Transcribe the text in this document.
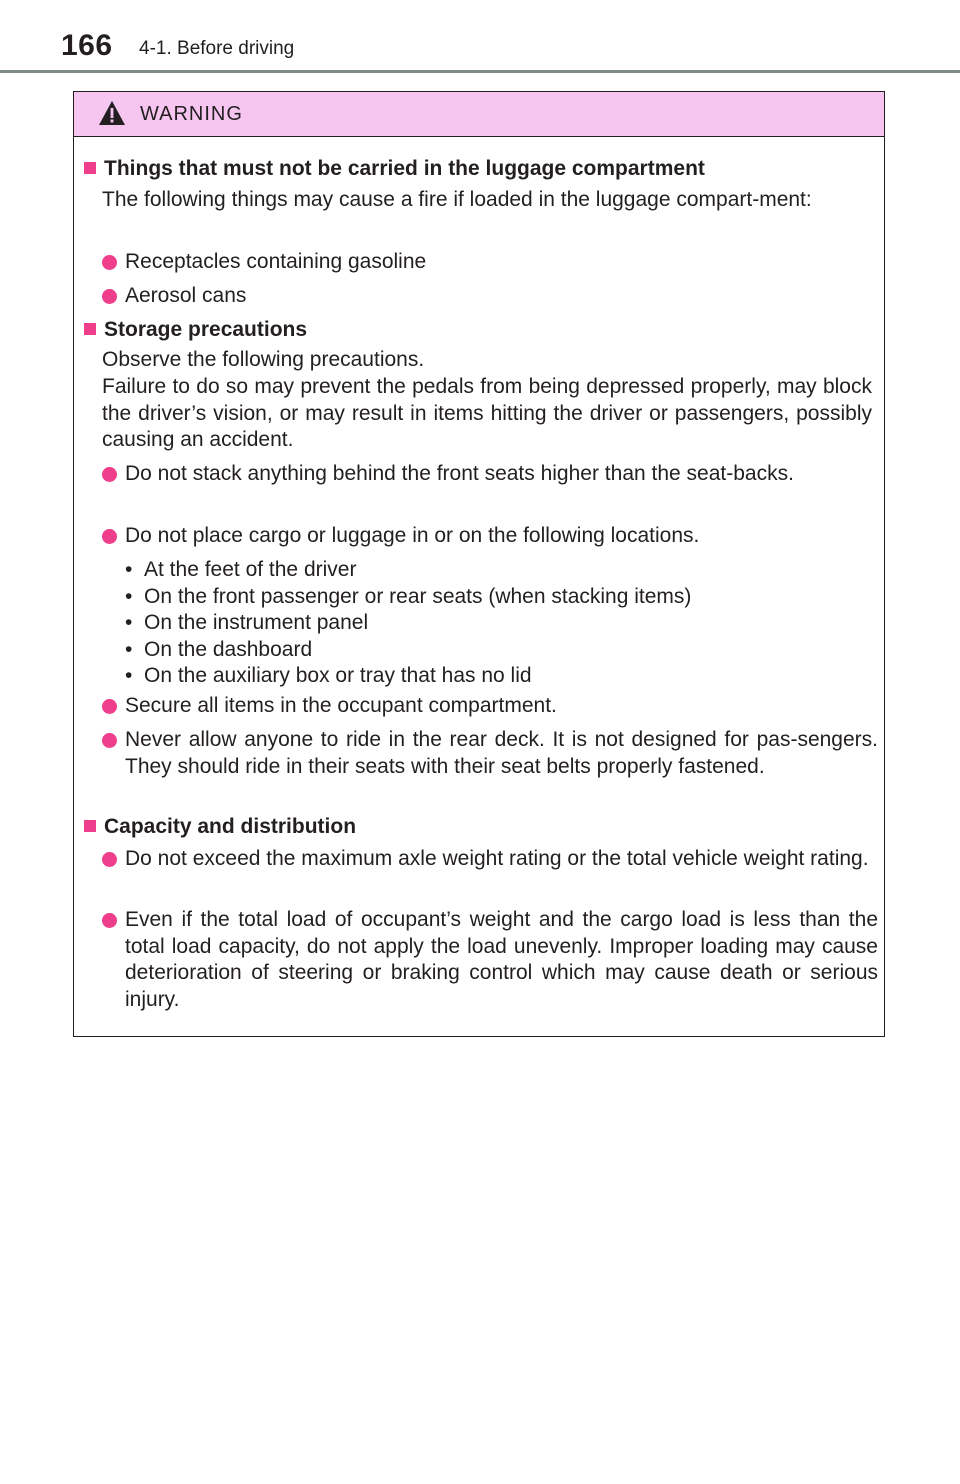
166 4-1. Before driving
WARNING
Things that must not be carried in the luggage compartment
The following things may cause a fire if loaded in the luggage compart-ment:
Receptacles containing gasoline
Aerosol cans
Storage precautions
Observe the following precautions.
Failure to do so may prevent the pedals from being depressed properly, may block the driver’s vision, or may result in items hitting the driver or passengers, possibly causing an accident.
Do not stack anything behind the front seats higher than the seat-backs.
Do not place cargo or luggage in or on the following locations.
• At the feet of the driver
• On the front passenger or rear seats (when stacking items)
• On the instrument panel
• On the dashboard
• On the auxiliary box or tray that has no lid
Secure all items in the occupant compartment.
Never allow anyone to ride in the rear deck. It is not designed for pas-sengers. They should ride in their seats with their seat belts properly fastened.
Capacity and distribution
Do not exceed the maximum axle weight rating or the total vehicle weight rating.
Even if the total load of occupant’s weight and the cargo load is less than the total load capacity, do not apply the load unevenly. Improper loading may cause deterioration of steering or braking control which may cause death or serious injury.
